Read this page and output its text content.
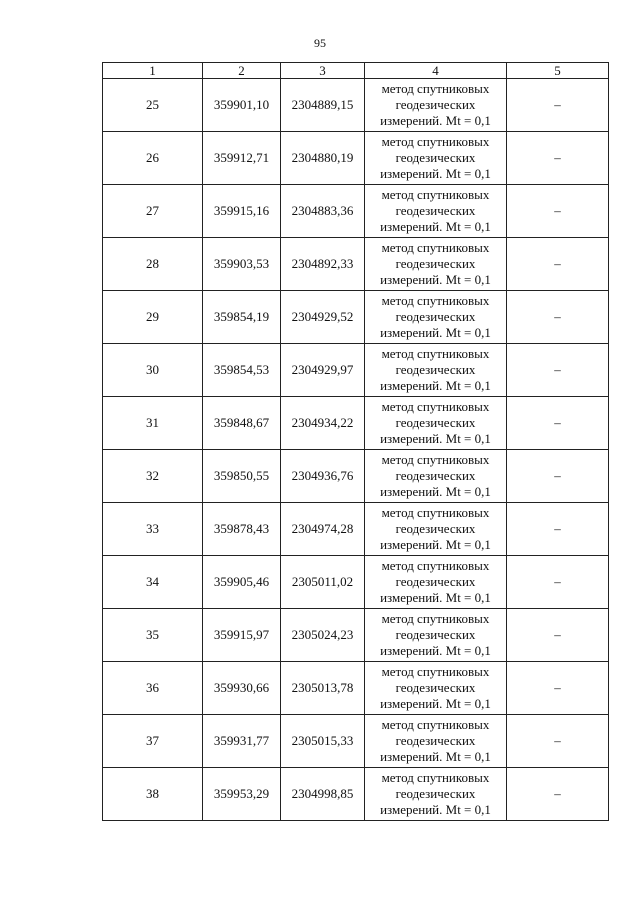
95
1	2	3	4	5
25	359901,10	2304889,15	метод спутниковых
геодезических
измерений. Mt = 0,1	–
26	359912,71	2304880,19	метод спутниковых
геодезических
измерений. Mt = 0,1	–
27	359915,16	2304883,36	метод спутниковых
геодезических
измерений. Mt = 0,1	–
28	359903,53	2304892,33	метод спутниковых
геодезических
измерений. Mt = 0,1	–
29	359854,19	2304929,52	метод спутниковых
геодезических
измерений. Mt = 0,1	–
30	359854,53	2304929,97	метод спутниковых
геодезических
измерений. Mt = 0,1	–
31	359848,67	2304934,22	метод спутниковых
геодезических
измерений. Mt = 0,1	–
32	359850,55	2304936,76	метод спутниковых
геодезических
измерений. Mt = 0,1	–
33	359878,43	2304974,28	метод спутниковых
геодезических
измерений. Mt = 0,1	–
34	359905,46	2305011,02	метод спутниковых
геодезических
измерений. Mt = 0,1	–
35	359915,97	2305024,23	метод спутниковых
геодезических
измерений. Mt = 0,1	–
36	359930,66	2305013,78	метод спутниковых
геодезических
измерений. Mt = 0,1	–
37	359931,77	2305015,33	метод спутниковых
геодезических
измерений. Mt = 0,1	–
38	359953,29	2304998,85	метод спутниковых
геодезических
измерений. Mt = 0,1	–
